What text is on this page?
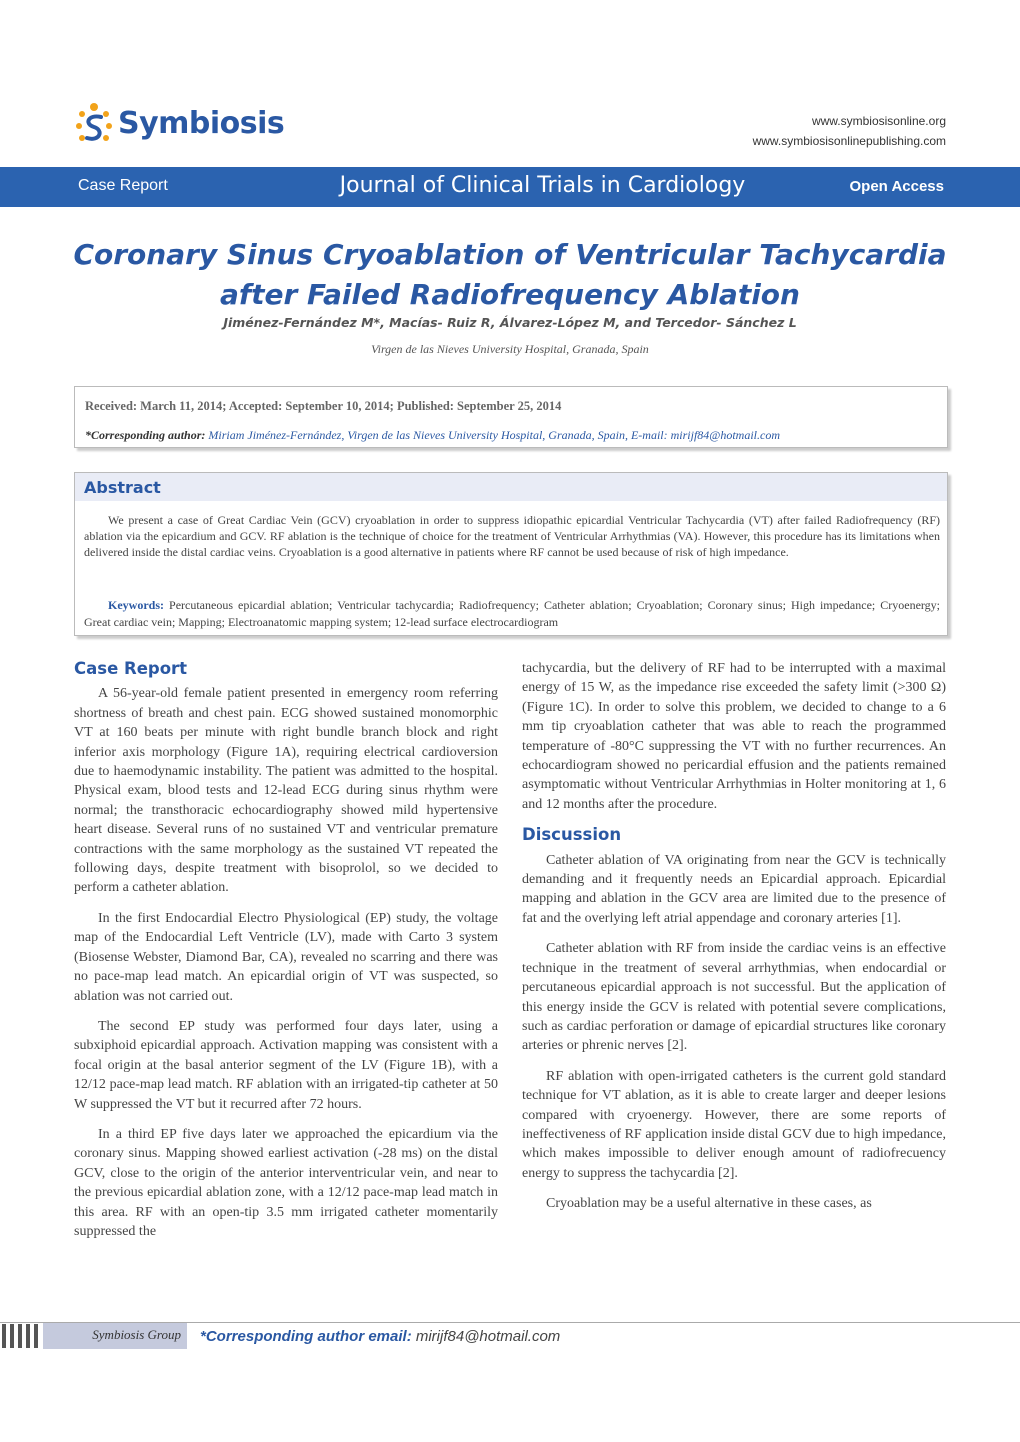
Symbiosis	www.symbiosisonline.org
www.symbiosisonlinepublishing.com
Case Report	Journal of Clinical Trials in Cardiology	Open Access
Coronary Sinus Cryoablation of Ventricular Tachycardia
after Failed Radiofrequency Ablation
Jiménez-Fernández M*, Macías- Ruiz R, Álvarez-López M, and Tercedor- Sánchez L
Virgen de las Nieves University Hospital, Granada, Spain
Received: March 11, 2014; Accepted: September 10, 2014; Published: September 25, 2014
*Corresponding author: Miriam Jiménez-Fernández, Virgen de las Nieves University Hospital, Granada, Spain, E-mail: mirijf84@hotmail.com
Abstract
We present a case of Great Cardiac Vein (GCV) cryoablation in order to suppress idiopathic epicardial Ventricular Tachycardia (VT) after failed Radiofrequency (RF) ablation via the epicardium and GCV. RF ablation is the technique of choice for the treatment of Ventricular Arrhythmias (VA). However, this procedure has its limitations when delivered inside the distal cardiac veins. Cryoablation is a good alternative in patients where RF cannot be used because of risk of high impedance.
Keywords: Percutaneous epicardial ablation; Ventricular tachycardia; Radiofrequency; Catheter ablation; Cryoablation; Coronary sinus; High impedance; Cryoenergy; Great cardiac vein; Mapping; Electroanatomic mapping system; 12-lead surface electrocardiogram
Case Report

A 56-year-old female patient presented in emergency room referring shortness of breath and chest pain. ECG showed sustained monomorphic VT at 160 beats per minute with right bundle branch block and right inferior axis morphology (Figure 1A), requiring electrical cardioversion due to haemodynamic instability. The patient was admitted to the hospital. Physical exam, blood tests and 12-lead ECG during sinus rhythm were normal; the transthoracic echocardiography showed mild hypertensive heart disease. Several runs of no sustained VT and ventricular premature contractions with the same morphology as the sustained VT repeated the following days, despite treatment with bisoprolol, so we decided to perform a catheter ablation.

In the first Endocardial Electro Physiological (EP) study, the voltage map of the Endocardial Left Ventricle (LV), made with Carto 3 system (Biosense Webster, Diamond Bar, CA), revealed no scarring and there was no pace-map lead match. An epicardial origin of VT was suspected, so ablation was not carried out.

The second EP study was performed four days later, using a subxiphoid epicardial approach. Activation mapping was consistent with a focal origin at the basal anterior segment of the LV (Figure 1B), with a 12/12 pace-map lead match. RF ablation with an irrigated-tip catheter at 50 W suppressed the VT but it recurred after 72 hours.

In a third EP five days later we approached the epicardium via the coronary sinus. Mapping showed earliest activation (-28 ms) on the distal GCV, close to the origin of the anterior interventricular vein, and near to the previous epicardial ablation zone, with a 12/12 pace-map lead match in this area. RF with an open-tip 3.5 mm irrigated catheter momentarily suppressed the

tachycardia, but the delivery of RF had to be interrupted with a maximal energy of 15 W, as the impedance rise exceeded the safety limit (>300 Ω) (Figure 1C). In order to solve this problem, we decided to change to a 6 mm tip cryoablation catheter that was able to reach the programmed temperature of -80°C suppressing the VT with no further recurrences. An echocardiogram showed no pericardial effusion and the patients remained asymptomatic without Ventricular Arrhythmias in Holter monitoring at 1, 6 and 12 months after the procedure.

Discussion

Catheter ablation of VA originating from near the GCV is technically demanding and it frequently needs an Epicardial approach. Epicardial mapping and ablation in the GCV area are limited due to the presence of fat and the overlying left atrial appendage and coronary arteries [1].

Catheter ablation with RF from inside the cardiac veins is an effective technique in the treatment of several arrhythmias, when endocardial or percutaneous epicardial approach is not successful. But the application of this energy inside the GCV is related with potential severe complications, such as cardiac perforation or damage of epicardial structures like coronary arteries or phrenic nerves [2].

RF ablation with open-irrigated catheters is the current gold standard technique for VT ablation, as it is able to create larger and deeper lesions compared with cryoenergy. However, there are some reports of ineffectiveness of RF application inside distal GCV due to high impedance, which makes impossible to deliver enough amount of radiofrecuency energy to suppress the tachycardia [2].

Cryoablation may be a useful alternative in these cases, as

Symbiosis Group	*Corresponding author email: mirijf84@hotmail.com
